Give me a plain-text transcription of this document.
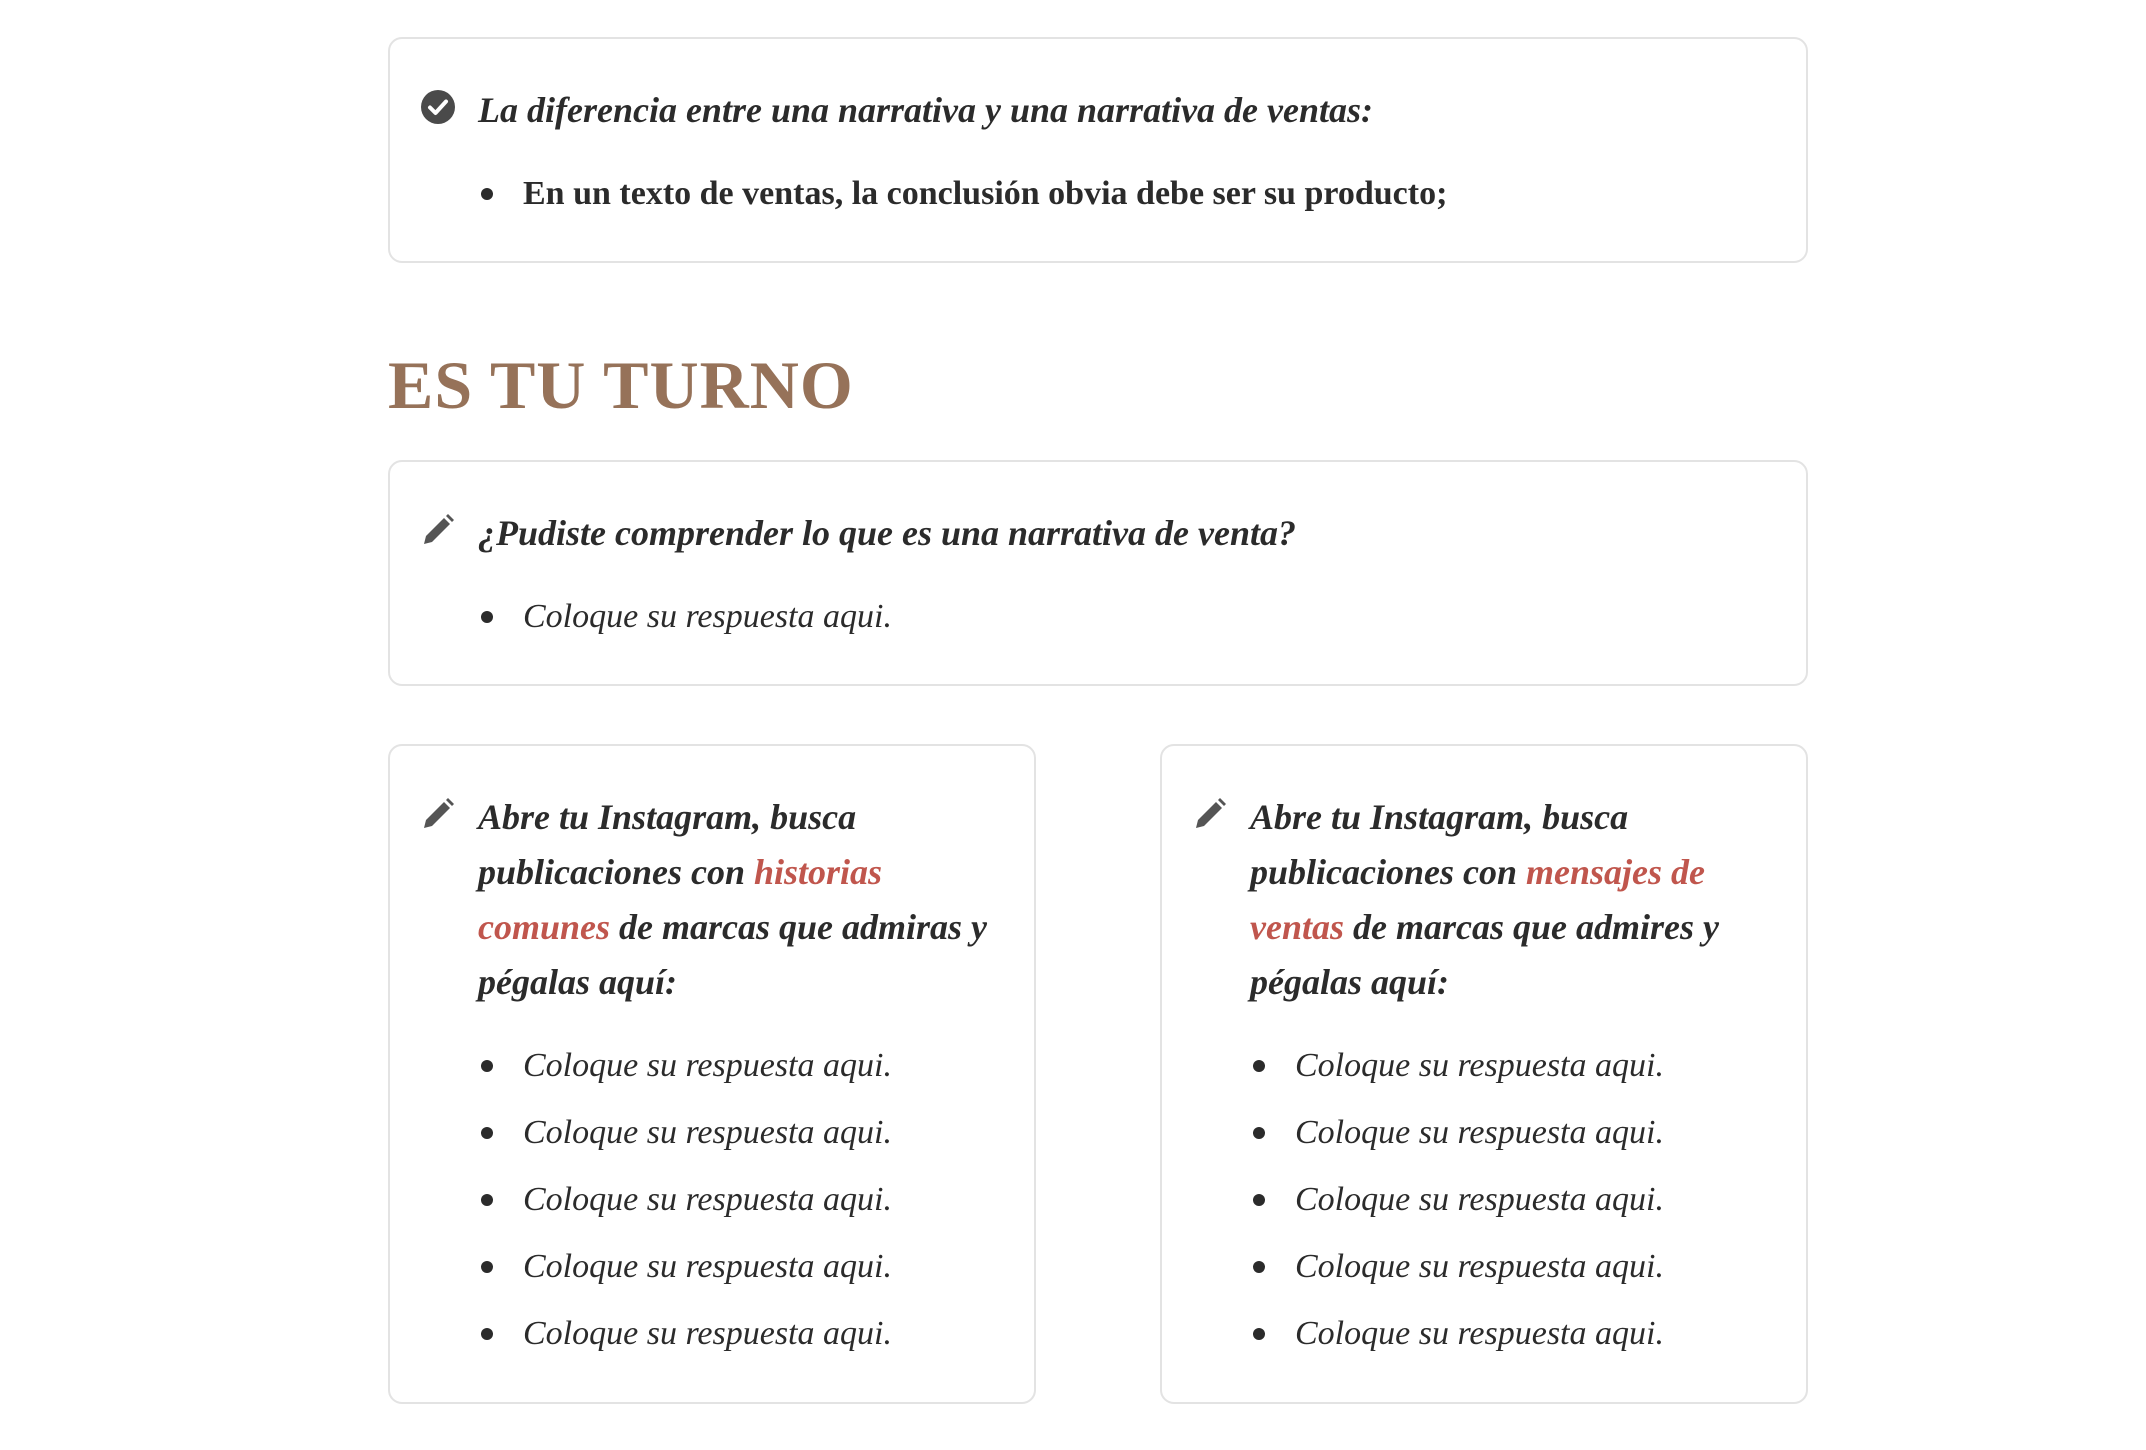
La diferencia entre una narrativa y una narrativa de ventas:
En un texto de ventas, la conclusión obvia debe ser su producto;
ES TU TURNO
¿Pudiste comprender lo que es una narrativa de venta?
Coloque su respuesta aqui.
Abre tu Instagram, busca publicaciones con historias comunes de marcas que admiras y pégalas aquí:
Coloque su respuesta aqui.
Coloque su respuesta aqui.
Coloque su respuesta aqui.
Coloque su respuesta aqui.
Coloque su respuesta aqui.
Abre tu Instagram, busca publicaciones con mensajes de ventas de marcas que admires y pégalas aquí:
Coloque su respuesta aqui.
Coloque su respuesta aqui.
Coloque su respuesta aqui.
Coloque su respuesta aqui.
Coloque su respuesta aqui.
